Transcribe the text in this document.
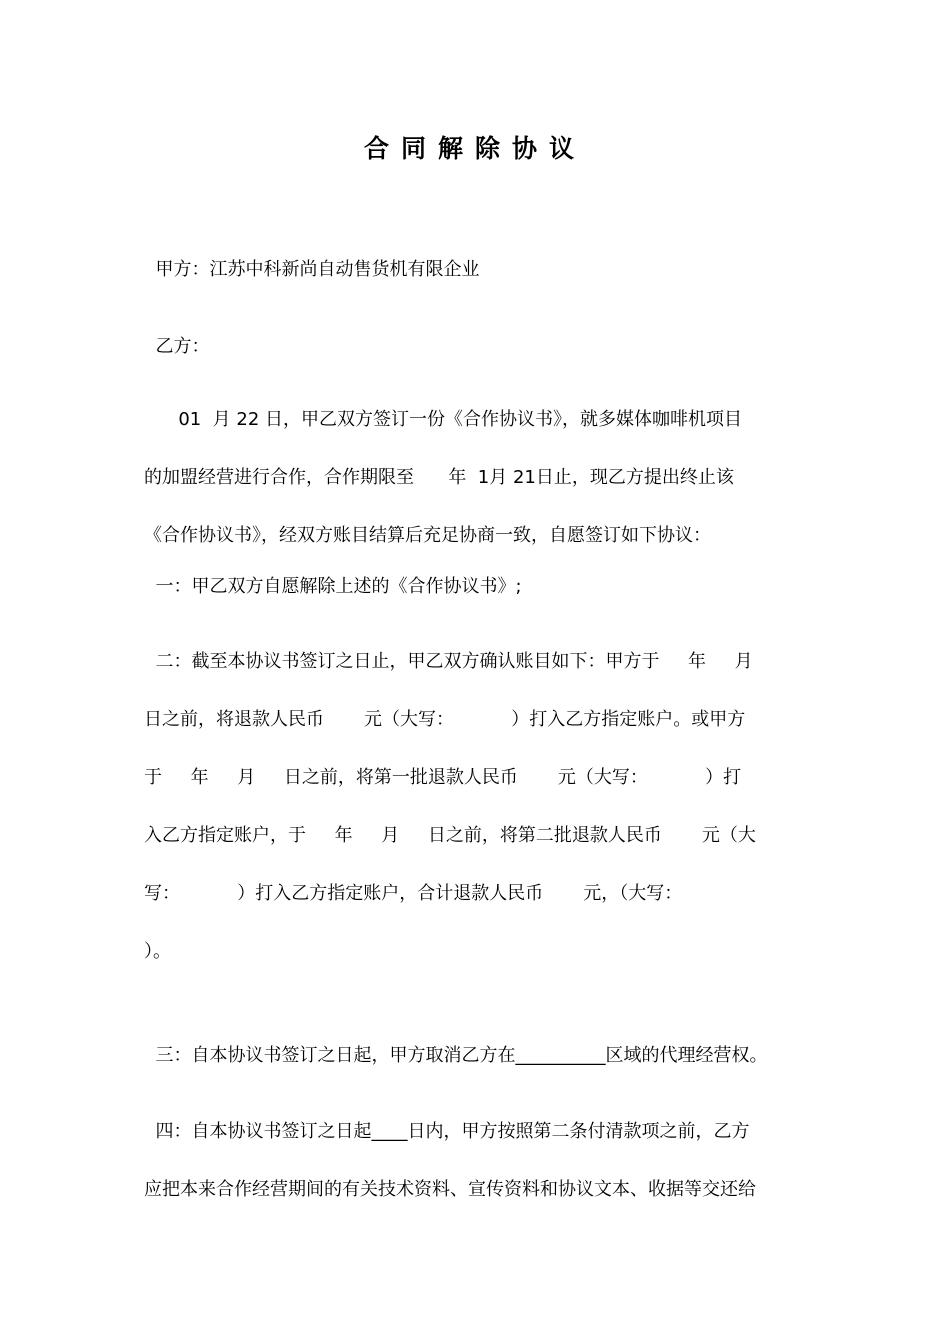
合同解除协议
甲方：江苏中科新尚自动售货机有限企业
乙方：
01  月 22 日，甲乙双方签订一份《合作协议书》，就多媒体咖啡机项目
的加盟经营进行合作，合作期限至      年  1月 21日止，现乙方提出终止该
《合作协议书》，经双方账目结算后充足协商一致，自愿签订如下协议：
一：甲乙双方自愿解除上述的《合作协议书》;
二：截至本协议书签订之日止，甲乙双方确认账目如下：甲方于     年     月
日之前，将退款人民币       元（大写：          ）打入乙方指定账户。或甲方
于     年     月     日之前，将第一批退款人民币       元（大写：          ）打
入乙方指定账户，于     年     月     日之前，将第二批退款人民币       元（大
写：          ）打入乙方指定账户，合计退款人民币       元，（大写：
）。
三：自本协议书签订之日起，甲方取消乙方在__________区域的代理经营权。
四：自本协议书签订之日起____日内，甲方按照第二条付清款项之前，乙方
应把本来合作经营期间的有关技术资料、宣传资料和协议文本、收据等交还给
